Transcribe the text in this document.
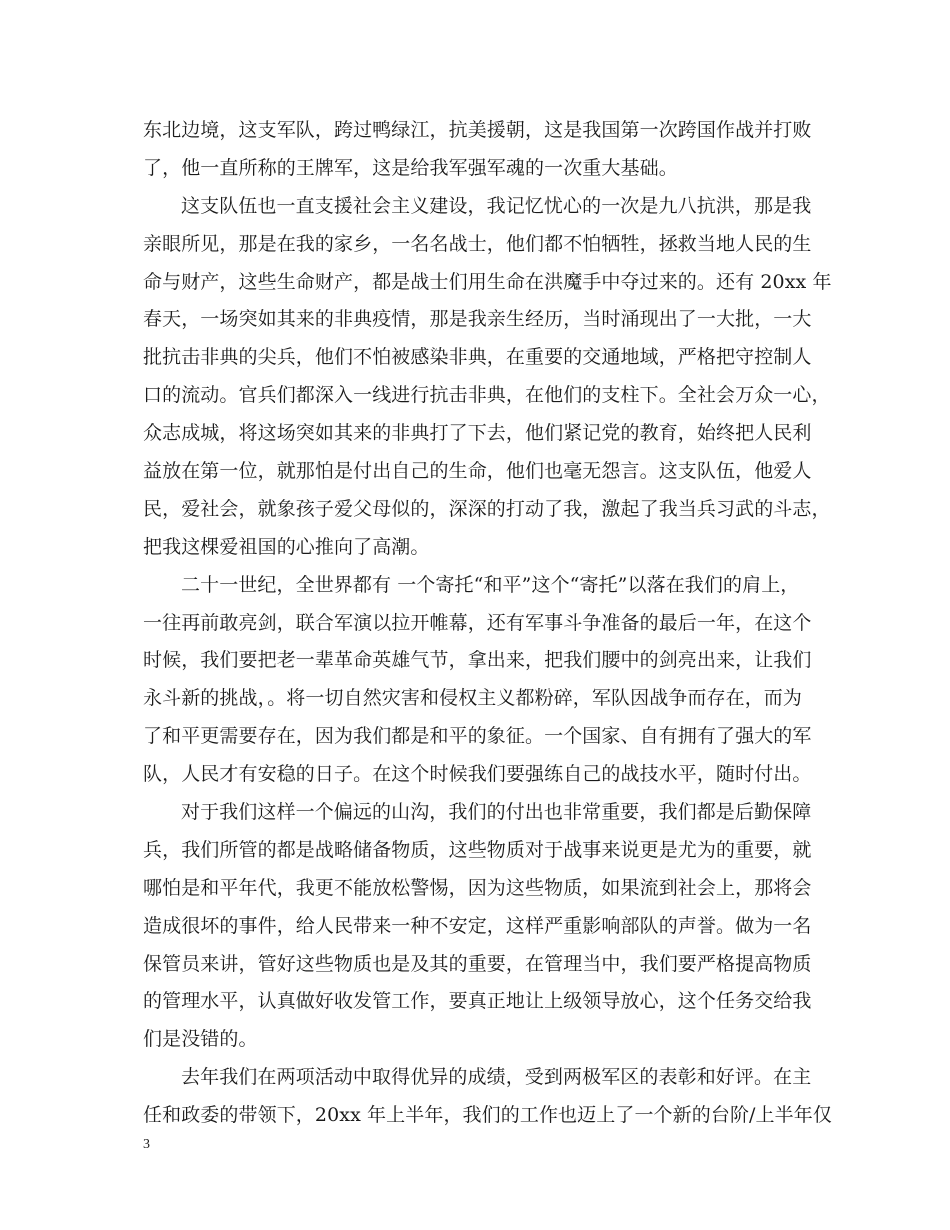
东北边境，这支军队，跨过鸭绿江，抗美援朝，这是我国第一次跨国作战并打败
了，他一直所称的王牌军，这是给我军强军魂的一次重大基础。
这支队伍也一直支援社会主义建设，我记忆忧心的一次是九八抗洪，那是我
亲眼所见，那是在我的家乡，一名名战士，他们都不怕牺牲，拯救当地人民的生
命与财产，这些生命财产，都是战士们用生命在洪魔手中夺过来的。还有 20xx 年
春天，一场突如其来的非典疫情，那是我亲生经历，当时涌现出了一大批，一大
批抗击非典的尖兵，他们不怕被感染非典，在重要的交通地域，严格把守控制人
口的流动。官兵们都深入一线进行抗击非典，在他们的支柱下。全社会万众一心，
众志成城，将这场突如其来的非典打了下去，他们紧记党的教育，始终把人民利
益放在第一位，就那怕是付出自己的生命，他们也毫无怨言。这支队伍，他爱人
民，爱社会，就象孩子爱父母似的，深深的打动了我，激起了我当兵习武的斗志，
把我这棵爱祖国的心推向了高潮。
二十一世纪，全世界都有 一个寄托“和平”这个“寄托”以落在我们的肩上，
一往再前敢亮剑，联合军演以拉开帷幕，还有军事斗争准备的最后一年，在这个
时候，我们要把老一辈革命英雄气节，拿出来，把我们腰中的剑亮出来，让我们
永斗新的挑战，。将一切自然灾害和侵权主义都粉碎，军队因战争而存在，而为
了和平更需要存在，因为我们都是和平的象征。一个国家、自有拥有了强大的军
队，人民才有安稳的日子。在这个时候我们要强练自己的战技水平，随时付出。
对于我们这样一个偏远的山沟，我们的付出也非常重要，我们都是后勤保障
兵，我们所管的都是战略储备物质，这些物质对于战事来说更是尤为的重要，就
哪怕是和平年代，我更不能放松警惕，因为这些物质，如果流到社会上，那将会
造成很坏的事件，给人民带来一种不安定，这样严重影响部队的声誉。做为一名
保管员来讲，管好这些物质也是及其的重要，在管理当中，我们要严格提高物质
的管理水平，认真做好收发管工作，要真正地让上级领导放心，这个任务交给我
们是没错的。
去年我们在两项活动中取得优异的成绩，受到两极军区的表彰和好评。在主
任和政委的带领下，20xx 年上半年，我们的工作也迈上了一个新的台阶/上半年仅
3
